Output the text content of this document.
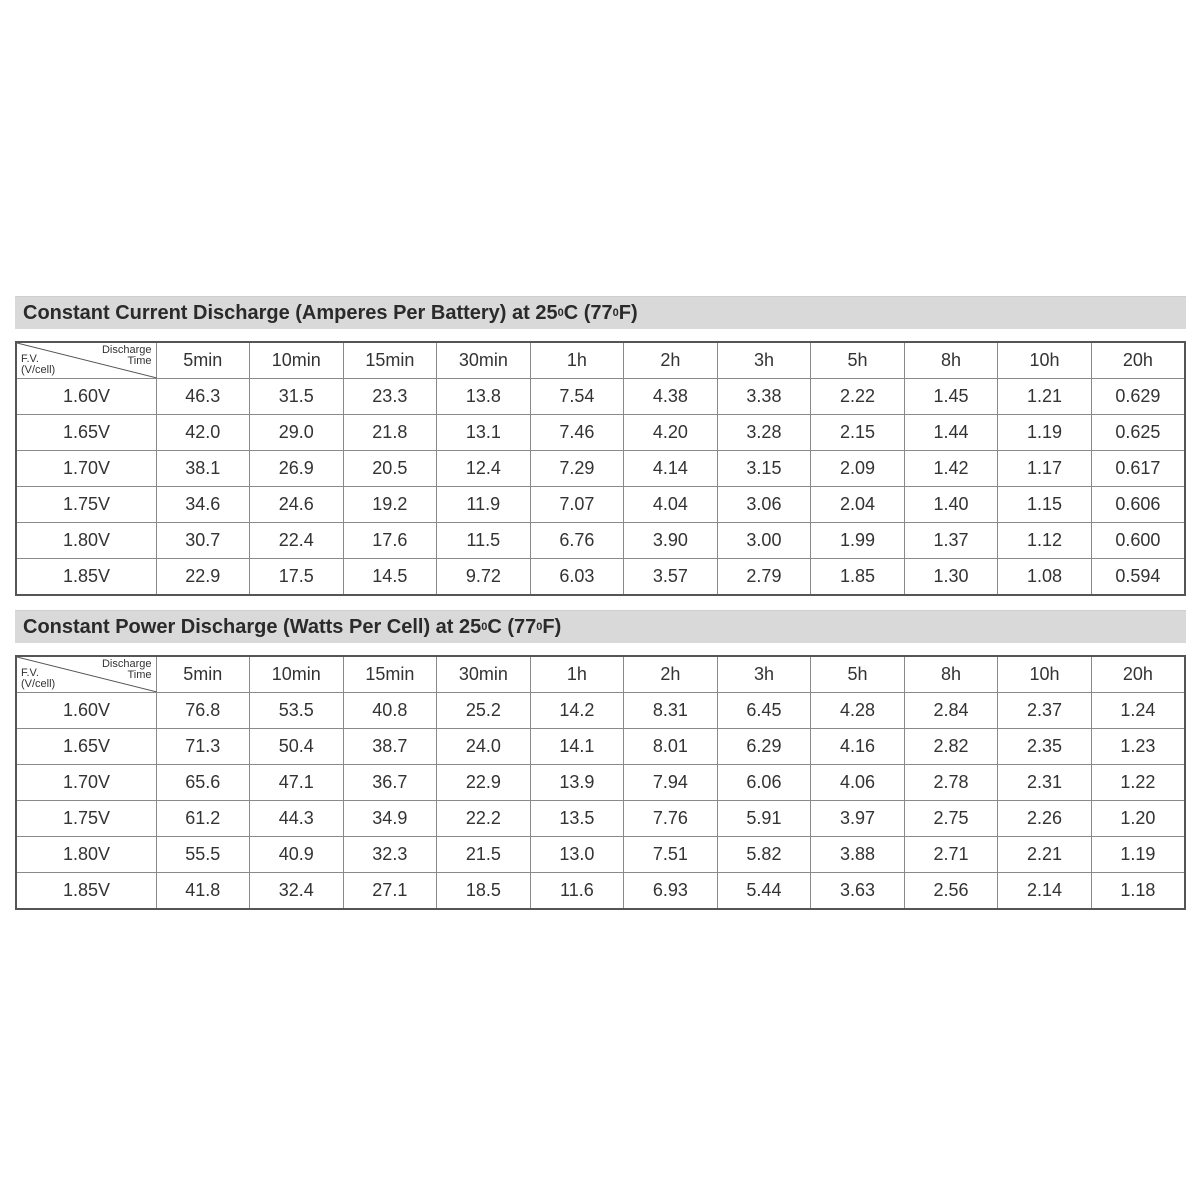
Constant Current Discharge (Amperes Per Battery) at 25 0 C (77 0 F)
Discharge
Time
F.V.
(V/cell)	5min	10min	15min	30min	1h	2h	3h	5h	8h	10h	20h
1.60V	46.3	31.5	23.3	13.8	7.54	4.38	3.38	2.22	1.45	1.21	0.629
1.65V	42.0	29.0	21.8	13.1	7.46	4.20	3.28	2.15	1.44	1.19	0.625
1.70V	38.1	26.9	20.5	12.4	7.29	4.14	3.15	2.09	1.42	1.17	0.617
1.75V	34.6	24.6	19.2	11.9	7.07	4.04	3.06	2.04	1.40	1.15	0.606
1.80V	30.7	22.4	17.6	11.5	6.76	3.90	3.00	1.99	1.37	1.12	0.600
1.85V	22.9	17.5	14.5	9.72	6.03	3.57	2.79	1.85	1.30	1.08	0.594
Constant Power Discharge (Watts Per Cell) at 25 0 C (77 0 F)
Discharge
Time
F.V.
(V/cell)	5min	10min	15min	30min	1h	2h	3h	5h	8h	10h	20h
1.60V	76.8	53.5	40.8	25.2	14.2	8.31	6.45	4.28	2.84	2.37	1.24
1.65V	71.3	50.4	38.7	24.0	14.1	8.01	6.29	4.16	2.82	2.35	1.23
1.70V	65.6	47.1	36.7	22.9	13.9	7.94	6.06	4.06	2.78	2.31	1.22
1.75V	61.2	44.3	34.9	22.2	13.5	7.76	5.91	3.97	2.75	2.26	1.20
1.80V	55.5	40.9	32.3	21.5	13.0	7.51	5.82	3.88	2.71	2.21	1.19
1.85V	41.8	32.4	27.1	18.5	11.6	6.93	5.44	3.63	2.56	2.14	1.18
